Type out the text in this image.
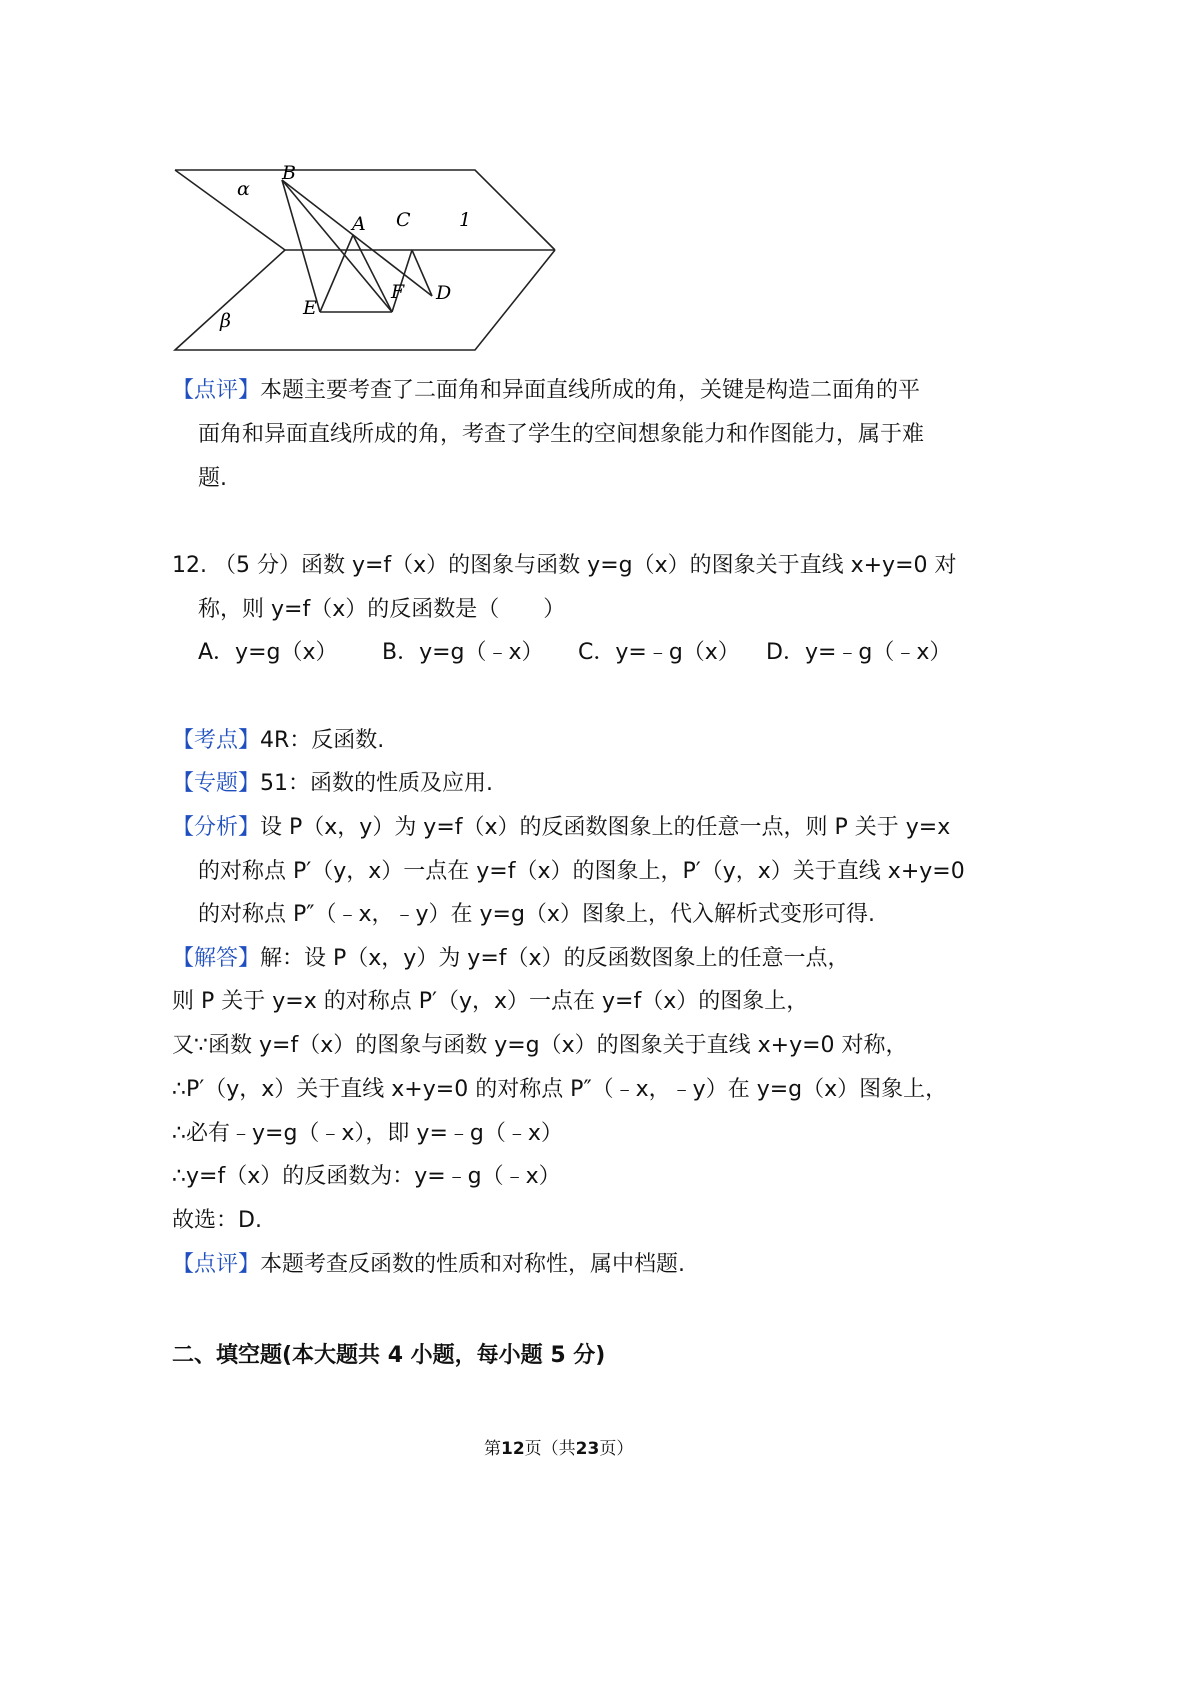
α
B
A C	1
E
F D
β
【点评】本题主要考查了二面角和异面直线所成的角，关键是构造二面角的平
面角和异面直线所成的角，考查了学生的空间想象能力和作图能力，属于难
题.
12. （5 分）函数 y=f（x）的图象与函数 y=g（x）的图象关于直线 x+y=0 对
称，则 y=f（x）的反函数是（　　）
A．y=g（x） B．y=g（﹣x） C．y=﹣g（x） D．y=﹣g（﹣x）
【考点】4R：反函数.
【专题】51：函数的性质及应用.
【分析】设 P（x，y）为 y=f（x）的反函数图象上的任意一点，则 P 关于 y=x
的对称点 P′（y，x）一点在 y=f（x）的图象上，P′（y，x）关于直线 x+y=0
的对称点 P″（﹣x，﹣y）在 y=g（x）图象上，代入解析式变形可得.
【解答】解：设 P（x，y）为 y=f（x）的反函数图象上的任意一点，
则 P 关于 y=x 的对称点 P′（y，x）一点在 y=f（x）的图象上，
又∵函数 y=f（x）的图象与函数 y=g（x）的图象关于直线 x+y=0 对称，
∴P′（y，x）关于直线 x+y=0 的对称点 P″（﹣x，﹣y）在 y=g（x）图象上，
∴必有﹣y=g（﹣x），即 y=﹣g（﹣x）
∴y=f（x）的反函数为：y=﹣g（﹣x）
故选：D.
【点评】本题考查反函数的性质和对称性，属中档题.
二、填空题(本大题共 4 小题，每小题 5 分)
第12页（共23页）
